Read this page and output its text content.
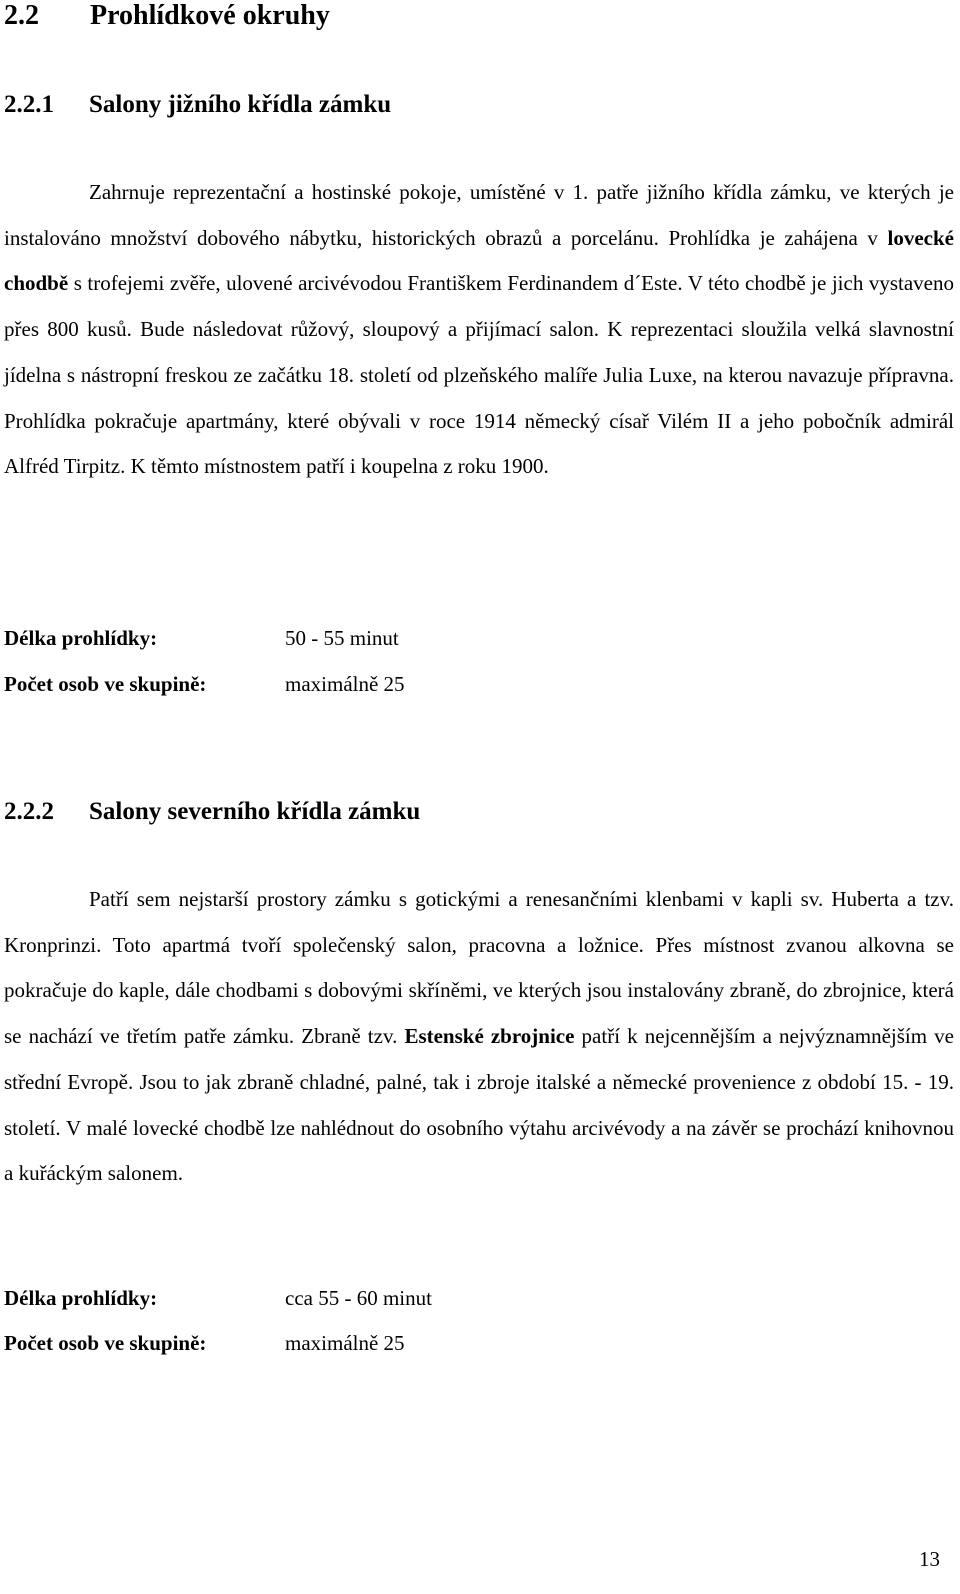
2.2 Prohlídkové okruhy
2.2.1 Salony jižního křídla zámku

Zahrnuje reprezentační a hostinské pokoje, umístěné v 1. patře jižního křídla zámku, ve kterých je instalováno množství dobového nábytku, historických obrazů a porcelánu. Prohlídka je zahájena v lovecké chodbě s trofejemi zvěře, ulovené arcivévodou Františkem Ferdinandem d´Este. V této chodbě je jich vystaveno přes 800 kusů. Bude následovat růžový, sloupový a přijímací salon. K reprezentaci sloužila velká slavnostní jídelna s nástropní freskou ze začátku 18. století od plzeňského malíře Julia Luxe, na kterou navazuje přípravna. Prohlídka pokračuje apartmány, které obývali v roce 1914 německý císař Vilém II a jeho pobočník admirál Alfréd Tirpitz. K těmto místnostem patří i koupelna z roku 1900.

Délka prohlídky:	50 - 55 minut
Počet osob ve skupině:	maximálně 25
2.2.2 Salony severního křídla zámku

Patří sem nejstarší prostory zámku s gotickými a renesančními klenbami v kapli sv. Huberta a tzv. Kronprinzi. Toto apartmá tvoří společenský salon, pracovna a ložnice. Přes místnost zvanou alkovna se pokračuje do kaple, dále chodbami s dobovými skříněmi, ve kterých jsou instalovány zbraně, do zbrojnice, která se nachází ve třetím patře zámku. Zbraně tzv. Estenské zbrojnice patří k nejcennějším a nejvýznamnějším ve střední Evropě. Jsou to jak zbraně chladné, palné, tak i zbroje italské a německé provenience z období 15. - 19. století. V malé lovecké chodbě lze nahlédnout do osobního výtahu arcivévody a na závěr se prochází knihovnou a kuřáckým salonem.

Délka prohlídky:	cca 55 - 60 minut
Počet osob ve skupině:	maximálně 25
13
